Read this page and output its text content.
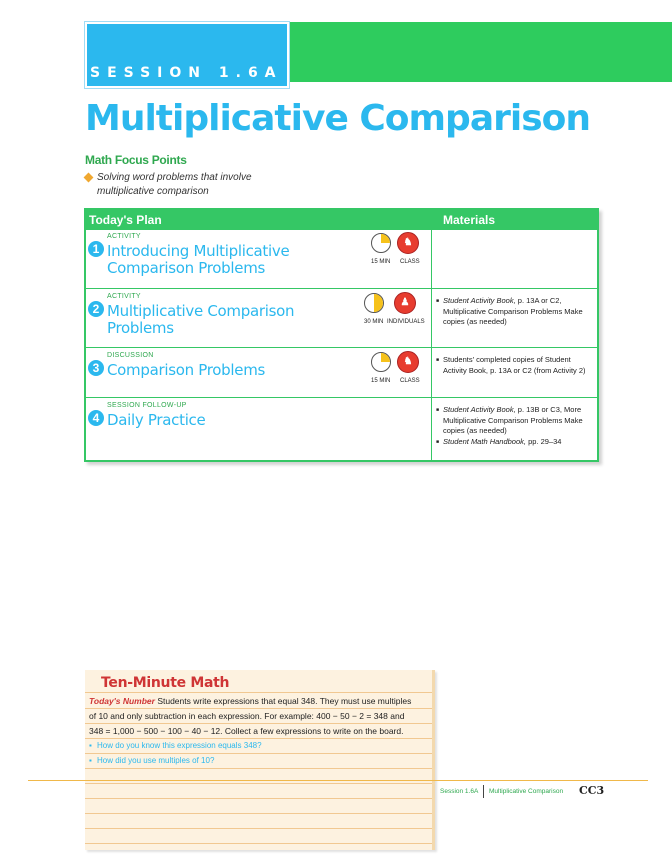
SESSION 1.6A
Multiplicative Comparison
Math Focus Points
Solving word problems that involve multiplicative comparison
Today's Plan	Materials
1
ACTIVITY
Introducing Multiplicative
Comparison Problems
♞
15 MIN CLASS
2
ACTIVITY
Multiplicative Comparison
Problems
♟
30 MIN INDIVIDUALS
■ Student Activity Book, p. 13A or C2, Multiplicative Comparison Problems Make copies (as needed)
3
DISCUSSION
Comparison Problems	♞
15 MIN CLASS
■ Students' completed copies of Student Activity Book, p. 13A or C2 (from Activity 2)
4
SESSION FOLLOW-UP
Daily Practice
■ Student Activity Book, p. 13B or C3, More Multiplicative Comparison Problems Make copies (as needed)
■ Student Math Handbook, pp. 29–34
Ten-Minute Math
Today's Number Students write expressions that equal 348. They must use multiples of 10 and only subtraction in each expression. For example: 400 − 50 − 2 = 348 and 348 = 1,000 − 500 − 100 − 40 − 12. Collect a few expressions to write on the board.
▪ How do you know this expression equals 348?
▪ How did you use multiples of 10?
Session 1.6A Multiplicative Comparison CC3
